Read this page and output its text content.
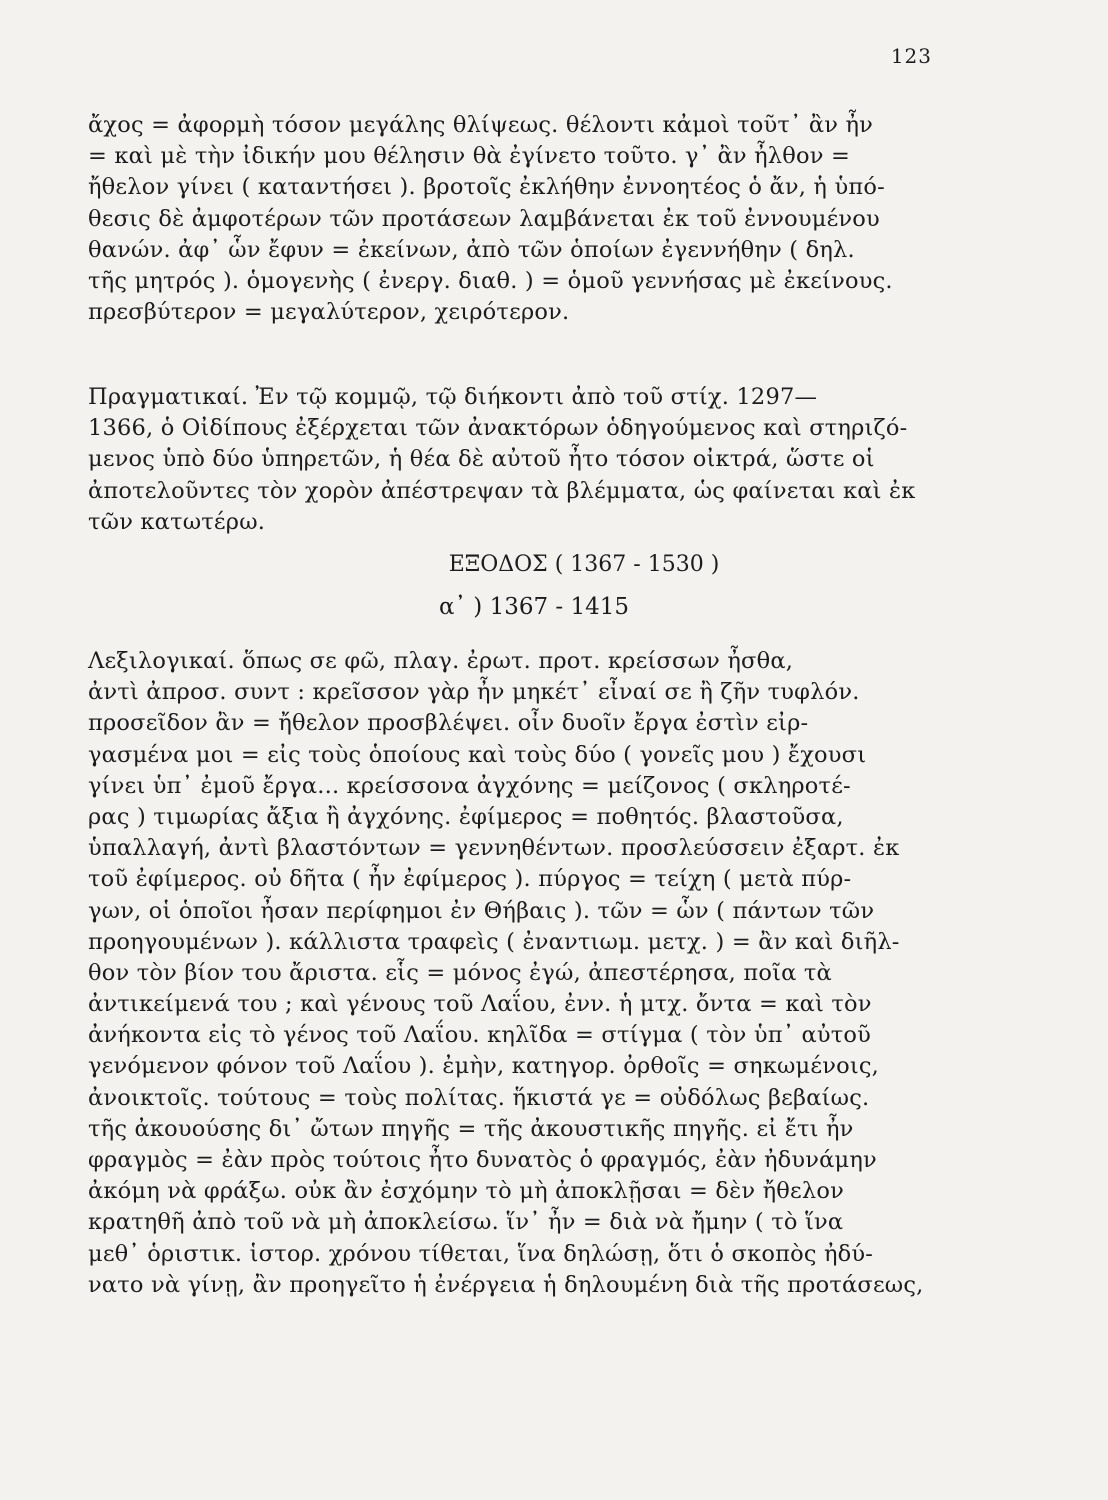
123
ἄχος = ἀφορμὴ τόσον μεγάλης θλίψεως. θέλοντι κἀμοὶ τοῦτ᾽ ἂν ἦν
= καὶ μὲ τὴν ἰδικήν μου θέλησιν θὰ ἐγίνετο τοῦτο. γ᾽ ἂν ἦλθον =
ἤθελον γίνει ( καταντήσει ). βροτοῖς ἐκλήθην ἐννοητέος ὁ ἄν, ἡ ὑπό-
θεσις δὲ ἀμφοτέρων τῶν προτάσεων λαμβάνεται ἐκ τοῦ ἐννουμένου
θανών. ἀφ᾽ ὧν ἔφυν = ἐκείνων, ἀπὸ τῶν ὁποίων ἐγεννήθην ( δηλ.
τῆς μητρός ). ὁμογενὴς ( ἐνεργ. διαθ. ) = ὁμοῦ γεννήσας μὲ ἐκείνους.
πρεσβύτερον = μεγαλύτερον, χειρότερον.
Πραγματικαί. Ἐν τῷ κομμῷ, τῷ διήκοντι ἀπὸ τοῦ στίχ. 1297—
1366, ὁ Οἰδίπους ἐξέρχεται τῶν ἀνακτόρων ὁδηγούμενος καὶ στηριζό-
μενος ὑπὸ δύο ὑπηρετῶν, ἡ θέα δὲ αὐτοῦ ἦτο τόσον οἰκτρά, ὥστε οἱ
ἀποτελοῦντες τὸν χορὸν ἀπέστρεψαν τὰ βλέμματα, ὡς φαίνεται καὶ ἐκ
τῶν κατωτέρω.
ΕΞΟΔΟΣ ( 1367 - 1530 )
α᾽ ) 1367 - 1415
Λεξιλογικαί. ὅπως σε φῶ, πλαγ. ἐρωτ. προτ. κρείσσων ἦσθα,
ἀντὶ ἀπροσ. συντ : κρεῖσσον γὰρ ἦν μηκέτ᾽ εἶναί σε ἢ ζῆν τυφλόν.
προσεῖδον ἂν = ἤθελον προσβλέψει. οἶν δυοῖν ἔργα ἐστὶν εἰρ-
γασμένα μοι = εἰς τοὺς ὁποίους καὶ τοὺς δύο ( γονεῖς μου ) ἔχουσι
γίνει ὑπ᾽ ἐμοῦ ἔργα... κρείσσονα ἀγχόνης = μείζονος ( σκληροτέ-
ρας ) τιμωρίας ἄξια ἢ ἀγχόνης. ἐφίμερος = ποθητός. βλαστοῦσα,
ὑπαλλαγή, ἀντὶ βλαστόντων = γεννηθέντων. προσλεύσσειν ἐξαρτ. ἐκ
τοῦ ἐφίμερος. οὐ δῆτα ( ἦν ἐφίμερος ). πύργος = τείχη ( μετὰ πύρ-
γων, οἱ ὁποῖοι ἦσαν περίφημοι ἐν Θήβαις ). τῶν = ὧν ( πάντων τῶν
προηγουμένων ). κάλλιστα τραφεὶς ( ἐναντιωμ. μετχ. ) = ἂν καὶ διῆλ-
θον τὸν βίον του ἄριστα. εἷς = μόνος ἐγώ, ἀπεστέρησα, ποῖα τὰ
ἀντικείμενά του ; καὶ γένους τοῦ Λαΐου, ἐνν. ἡ μτχ. ὄντα = καὶ τὸν
ἀνήκοντα εἰς τὸ γένος τοῦ Λαΐου. κηλῖδα = στίγμα ( τὸν ὑπ᾽ αὐτοῦ
γενόμενον φόνον τοῦ Λαΐου ). ἐμὴν, κατηγορ. ὀρθοῖς = σηκωμένοις,
ἀνοικτοῖς. τούτους = τοὺς πολίτας. ἥκιστά γε = οὐδόλως βεβαίως.
τῆς ἀκουούσης δι᾽ ὤτων πηγῆς = τῆς ἀκουστικῆς πηγῆς. εἰ ἔτι ἦν
φραγμὸς = ἐὰν πρὸς τούτοις ἦτο δυνατὸς ὁ φραγμός, ἐὰν ἠδυνάμην
ἀκόμη νὰ φράξω. οὐκ ἂν ἐσχόμην τὸ μὴ ἀποκλῇσαι = δὲν ἤθελον
κρατηθῆ ἀπὸ τοῦ νὰ μὴ ἀποκλείσω. ἵν᾽ ἦν = διὰ νὰ ἤμην ( τὸ ἵνα
μεθ᾽ ὁριστικ. ἱστορ. χρόνου τίθεται, ἵνα δηλώσῃ, ὅτι ὁ σκοπὸς ἠδύ-
νατο νὰ γίνῃ, ἂν προηγεῖτο ἡ ἐνέργεια ἡ δηλουμένη διὰ τῆς προτάσεως,
